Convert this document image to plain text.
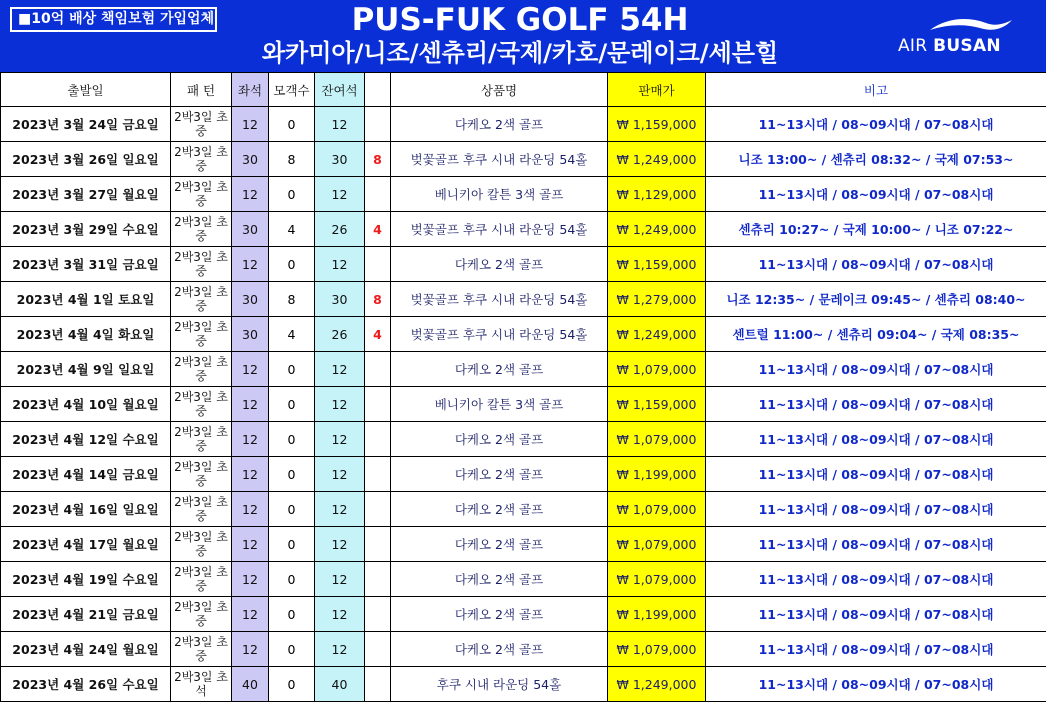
■10억 배상 책임보험 가입업체	PUS-FUK GOLF 54H
와카미아/니조/센츄리/국제/카호/문레이크/세븐힐	AIR BUSAN
출발일	패 턴	좌석	모객수	잔여석		상품명	판매가	비고
2023년 3월 24일 금요일	2박3일 초중	12	0	12		다케오 2색 골프	₩ 1,159,000	11~13시대 / 08~09시대 / 07~08시대
2023년 3월 26일 일요일	2박3일 초중	30	8	30	8	벚꽃골프 후쿠 시내 라운딩 54홀	₩ 1,249,000	니조 13:00~ / 센츄리 08:32~ / 국제 07:53~
2023년 3월 27일 월요일	2박3일 초중	12	0	12		베니키아 칼튼 3색 골프	₩ 1,129,000	11~13시대 / 08~09시대 / 07~08시대
2023년 3월 29일 수요일	2박3일 초중	30	4	26	4	벚꽃골프 후쿠 시내 라운딩 54홀	₩ 1,249,000	센츄리 10:27~ / 국제 10:00~ / 니조 07:22~
2023년 3월 31일 금요일	2박3일 초중	12	0	12		다케오 2색 골프	₩ 1,159,000	11~13시대 / 08~09시대 / 07~08시대
2023년 4월 1일 토요일	2박3일 초중	30	8	30	8	벚꽃골프 후쿠 시내 라운딩 54홀	₩ 1,279,000	니조 12:35~ / 문레이크 09:45~ / 센츄리 08:40~
2023년 4월 4일 화요일	2박3일 초중	30	4	26	4	벚꽃골프 후쿠 시내 라운딩 54홀	₩ 1,249,000	센트럴 11:00~ / 센츄리 09:04~ / 국제 08:35~
2023년 4월 9일 일요일	2박3일 초중	12	0	12		다케오 2색 골프	₩ 1,079,000	11~13시대 / 08~09시대 / 07~08시대
2023년 4월 10일 월요일	2박3일 초중	12	0	12		베니키아 칼튼 3색 골프	₩ 1,159,000	11~13시대 / 08~09시대 / 07~08시대
2023년 4월 12일 수요일	2박3일 초중	12	0	12		다케오 2색 골프	₩ 1,079,000	11~13시대 / 08~09시대 / 07~08시대
2023년 4월 14일 금요일	2박3일 초중	12	0	12		다케오 2색 골프	₩ 1,199,000	11~13시대 / 08~09시대 / 07~08시대
2023년 4월 16일 일요일	2박3일 초중	12	0	12		다케오 2색 골프	₩ 1,079,000	11~13시대 / 08~09시대 / 07~08시대
2023년 4월 17일 월요일	2박3일 초중	12	0	12		다케오 2색 골프	₩ 1,079,000	11~13시대 / 08~09시대 / 07~08시대
2023년 4월 19일 수요일	2박3일 초중	12	0	12		다케오 2색 골프	₩ 1,079,000	11~13시대 / 08~09시대 / 07~08시대
2023년 4월 21일 금요일	2박3일 초중	12	0	12		다케오 2색 골프	₩ 1,199,000	11~13시대 / 08~09시대 / 07~08시대
2023년 4월 24일 월요일	2박3일 초중	12	0	12		다케오 2색 골프	₩ 1,079,000	11~13시대 / 08~09시대 / 07~08시대
2023년 4월 26일 수요일	2박3일 초석	40	0	40		후쿠 시내 라운딩 54홀	₩ 1,249,000	11~13시대 / 08~09시대 / 07~08시대
